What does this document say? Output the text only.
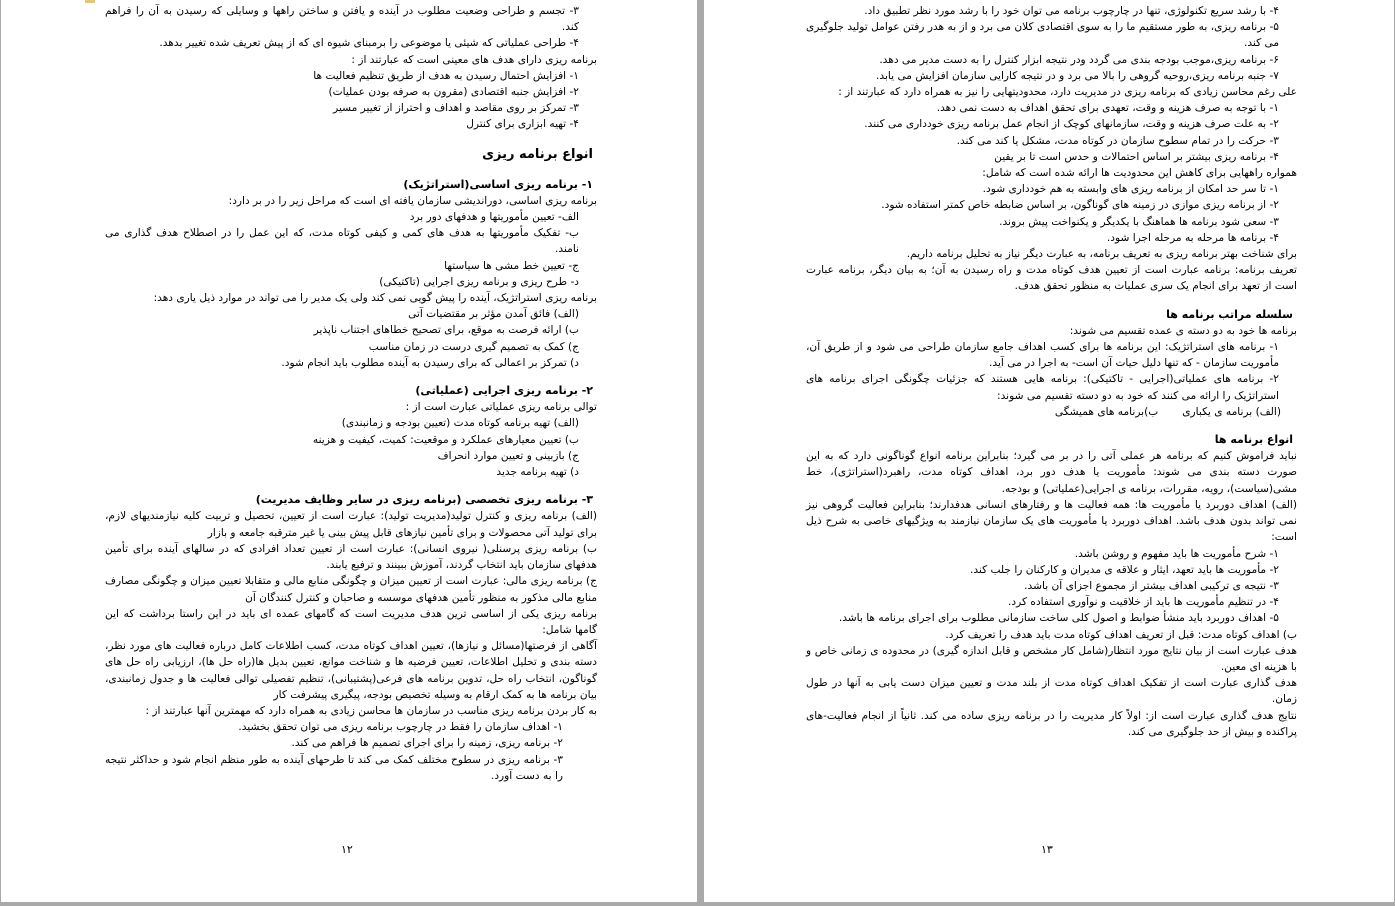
۳- تجسم و طراحی وضعیت مطلوب در آینده و یافتن و ساختن راهها و وسایلی که رسیدن به آن را فراهم کند.

۴- طراحی عملیاتی که شیئی یا موضوعی را برمبنای شیوه ای که از پیش تعریف شده تغییر بدهد.

برنامه ریزی دارای هدف های معینی است که عبارتند از :

۱- افزایش احتمال رسیدن به هدف از طریق تنظیم فعالیت ها

۲- افزایش جنبه اقتصادی (مقرون به صرفه بودن عملیات)

۳- تمرکز بر روی مقاصد و اهداف و احتراز از تغییر مسیر

۴- تهیه ابزاری برای کنترل

انواع برنامه ریزی
۱- برنامه ریزی اساسی(استراتژیک)

برنامه ریزی اساسی، دوراندیشی سازمان یافته ای است که مراحل زیر را در بر دارد:

الف- تعیین مأموریتها و هدفهای دور برد

ب- تفکیک مأموریتها به هدف های کمی و کیفی کوتاه مدت، که این عمل را در اصطلاح هدف گذاری می نامند.

ج- تعیین خط مشی ها سیاستها

د- طرح ریزی و برنامه ریزی اجرایی (تاکتیکی)

برنامه ریزی استراتژیک، آینده را پیش گویی نمی کند ولی یک مدیر را می تواند در موارد ذیل یاری دهد:

(الف) فائق آمدن مؤثر بر مقتضیات آتی

ب) ارائه فرصت به موقع، برای تصحیح خطاهای اجتناب ناپذیر

ج) کمک به تصمیم گیری درست در زمان مناسب

د) تمرکز بر اعمالی که برای رسیدن به آینده مطلوب باید انجام شود.

۲- برنامه ریزی اجرایی (عملیاتی)

توالی برنامه ریزی عملیاتی عبارت است از :

(الف) تهیه برنامه کوتاه مدت (تعیین بودجه و زمانبندی)

ب) تعیین معیارهای عملکرد و موقعیت: کمیت، کیفیت و هزینه

ج) بازبینی و تعیین موارد انحراف

د) تهیه برنامه جدید

۳- برنامه ریزی تخصصی (برنامه ریزی در سایر وظایف مدیریت)

(الف) برنامه ریزی و کنترل تولید(مدیریت تولید): عبارت است از تعیین، تحصیل و تربیت کلیه نیازمندیهای لازم، برای تولید آتی محصولات و برای تأمین نیازهای قابل پیش بینی یا غیر مترقبه جامعه و بازار

ب) برنامه ریزی پرسنلی( نیروی انسانی): عبارت است از تعیین تعداد افرادی که در سالهای آینده برای تأمین هدفهای سازمان باید انتخاب گردند، آموزش ببینند و ترفیع یابند.

ج) برنامه ریزی مالی: عبارت است از تعیین میزان و چگونگی منابع مالی و متقابلا تعیین میزان و چگونگی مصارف منابع مالی مذکور به منظور تأمین هدفهای موسسه و صاحبان و کنترل کنندگان آن

برنامه ریزی یکی از اساسی ترین هدف مدیریت است که گامهای عمده ای باید در این راستا برداشت که این گامها شامل:

آگاهی از فرصتها(مسائل و نیازها)، تعیین اهداف کوتاه مدت، کسب اطلاعات کامل درباره فعالیت های مورد نظر، دسته بندی و تحلیل اطلاعات، تعیین فرضیه ها و شناخت موانع، تعیین بدیل ها(راه حل ها)، ارزیابی راه حل های گوناگون، انتخاب راه حل، تدوین برنامه های فرعی(پشتیبانی)، تنظیم تفصیلی توالی فعالیت ها و جدول زمانبندی، بیان برنامه ها به کمک ارقام به وسیله تخصیص بودجه، پیگیری پیشرفت کار

به کار بردن برنامه ریزی مناسب در سازمان ها محاسن زیادی به همراه دارد که مهمترین آنها عبارتند از :

۱- اهداف سازمان را فقط در چارچوب برنامه ریزی می توان تحقق بخشید.

۲- برنامه ریزی، زمینه را برای اجرای تصمیم ها فراهم می کند.

۳- برنامه ریزی در سطوح مختلف کمک می کند تا طرحهای آینده به طور منظم انجام شود و حداکثر نتیجه را به دست آورد.

۱۲

۴- با رشد سریع تکنولوژی، تنها در چارچوب برنامه می توان خود را با رشد مورد نظر تطبیق داد.

۵- برنامه ریزی، به طور مستقیم ما را به سوی اقتصادی کلان می برد و از به هدر رفتن عوامل تولید جلوگیری می کند.

۶- برنامه ریزی،موجب بودجه بندی می گردد ودر نتیجه ابزار کنترل را به دست مدیر می دهد.

۷- جنبه برنامه ریزی،روحیه گروهی را بالا می برد و در نتیجه کارایی سازمان افزایش می یابد.

علی رغم محاسن زیادی که برنامه ریزی در مدیریت دارد، محدودیتهایی را نیز به همراه دارد که عبارتند از :

۱- با توجه به صرف هزینه و وقت، تعهدی برای تحقق اهداف به دست نمی دهد.

۲- به علت صرف هزینه و وقت، سازمانهای کوچک از انجام عمل برنامه ریزی خودداری می کنند.

۳- حرکت را در تمام سطوح سازمان در کوتاه مدت، مشکل یا کند می کند.

۴- برنامه ریزی بیشتر بر اساس احتمالات و حدس است تا بر یقین

همواره راههایی برای کاهش این محدودیت ها ارائه شده است که شامل:

۱- تا سر حد امکان از برنامه ریزی های وابسته به هم خودداری شود.

۲- از برنامه ریزی موازی در زمینه های گوناگون، بر اساس ضابطه خاص کمتر استفاده شود.

۳- سعی شود برنامه ها هماهنگ با یکدیگر و یکنواخت پیش بروند.

۴- برنامه ها مرحله به مرحله اجرا شود.

برای شناخت بهتر برنامه ریزی به تعریف برنامه، به عبارت دیگر نیاز به تحلیل برنامه داریم.

تعریف برنامه: برنامه عبارت است از تعیین هدف کوتاه مدت و راه رسیدن به آن؛ به بیان دیگر، برنامه عبارت است از تعهد برای انجام یک سری عملیات به منظور تحقق هدف.

سلسله مراتب برنامه ها

برنامه ها خود به دو دسته ی عمده تقسیم می شوند:

۱- برنامه های استراتژیک: این برنامه ها برای کسب اهداف جامع سازمان طراحی می شود و از طریق آن، مأموریت سازمان - که تنها دلیل حیات آن است- به اجرا در می آید.

۲- برنامه های عملیاتی(اجرایی - تاکتیکی): برنامه هایی هستند که جزئیات چگونگی اجرای برنامه های استراتژیک را ارائه می کنند که خود به دو دسته تقسیم می شوند:

(الف) برنامه ی یکباری
ب)برنامه های همیشگی
انواع برنامه ها

نباید فراموش کنیم که برنامه هر عملی آتی را در بر می گیرد؛ بنابراین برنامه انواع گوناگونی دارد که به این صورت دسته بندی می شوند: مأموریت یا هدف دور برد، اهداف کوتاه مدت، راهبرد(استراتژی)، خط مشی(سیاست)، رویه، مقررات، برنامه ی اجرایی(عملیاتی) و بودجه.

(الف) اهداف دوربرد یا مأموریت ها: همه فعالیت ها و رفتارهای انسانی هدفدارند؛ بنابراین فعالیت گروهی نیز نمی تواند بدون هدف باشد. اهداف دوربرد یا مأموریت های یک سازمان نیازمند به ویژگیهای خاصی به شرح ذیل است:

۱- شرح مأموریت ها باید مفهوم و روشن باشد.

۲- مأموریت ها باید تعهد، ایثار و علاقه ی مدیران و کارکنان را جلب کند.

۳- نتیجه ی ترکیبی اهداف بیشتر از مجموع اجزای آن باشد.

۴- در تنظیم مأموریت ها باید از خلاقیت و نوآوری استفاده کرد.

۵- اهداف دوربرد باید منشأ ضوابط و اصول کلی ساخت سازمانی مطلوب برای اجرای برنامه ها باشد.

ب) اهداف کوتاه مدت: قبل از تعریف اهداف کوتاه مدت باید هدف را تعریف کرد.

هدف عبارت است از بیان نتایج مورد انتظار(شامل کار مشخص و قابل اندازه گیری) در محدوده ی زمانی خاص و با هزینه ای معین.

هدف گذاری عبارت است از تفکیک اهداف کوتاه مدت از بلند مدت و تعیین میزان دست یابی به آنها در طول زمان.

نتایج هدف گذاری عبارت است از: اولاً کار مدیریت را در برنامه ریزی ساده می کند. ثانیاً از انجام فعالیت-های پراکنده و بیش از حد جلوگیری می کند.

۱۳
